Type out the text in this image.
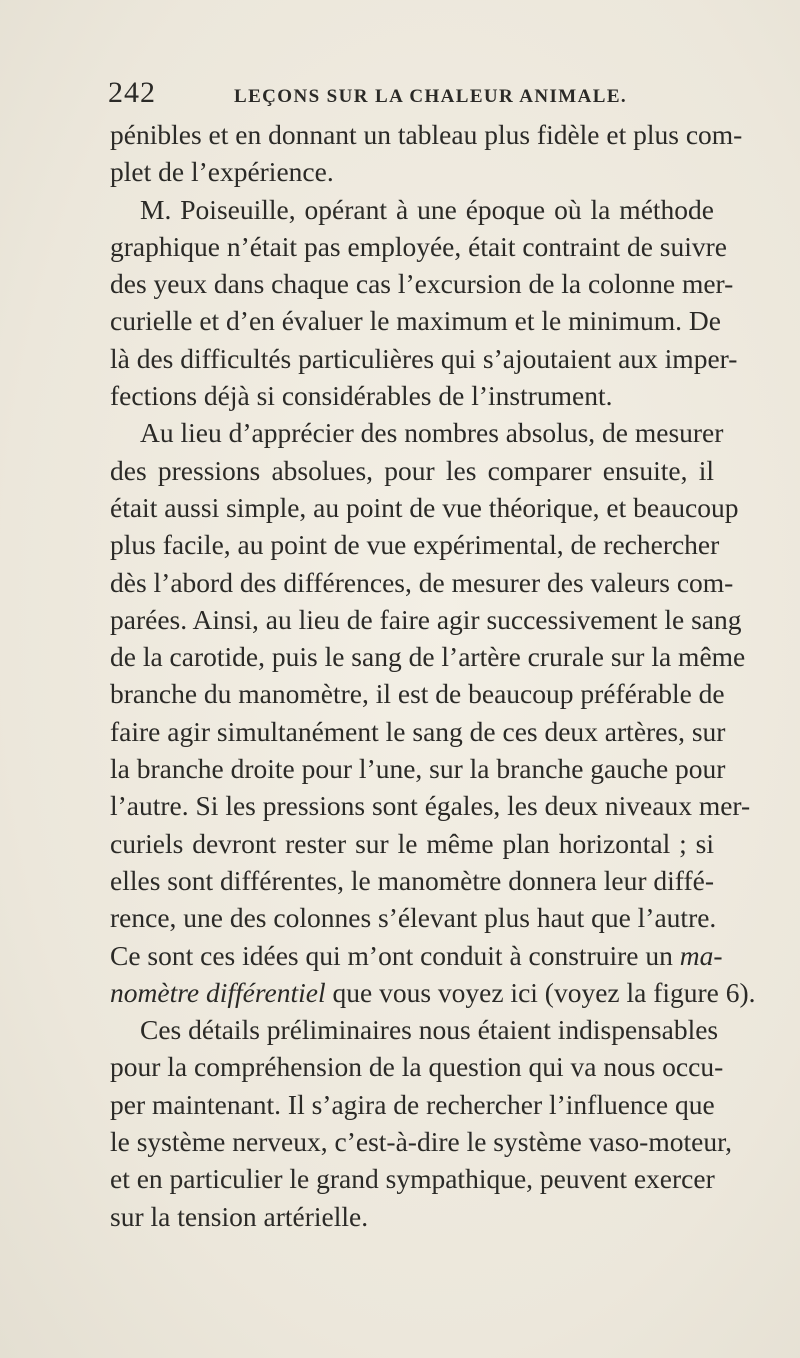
242	LEÇONS SUR LA CHALEUR ANIMALE.
pénibles et en donnant un tableau plus fidèle et plus com-
plet de l’expérience.
M. Poiseuille, opérant à une époque où la méthode
graphique n’était pas employée, était contraint de suivre
des yeux dans chaque cas l’excursion de la colonne mer-
curielle et d’en évaluer le maximum et le minimum. De
là des difficultés particulières qui s’ajoutaient aux imper-
fections déjà si considérables de l’instrument.
Au lieu d’apprécier des nombres absolus, de mesurer
des pressions absolues, pour les comparer ensuite, il
était aussi simple, au point de vue théorique, et beaucoup
plus facile, au point de vue expérimental, de rechercher
dès l’abord des différences, de mesurer des valeurs com-
parées. Ainsi, au lieu de faire agir successivement le sang
de la carotide, puis le sang de l’artère crurale sur la même
branche du manomètre, il est de beaucoup préférable de
faire agir simultanément le sang de ces deux artères, sur
la branche droite pour l’une, sur la branche gauche pour
l’autre. Si les pressions sont égales, les deux niveaux mer-
curiels devront rester sur le même plan horizontal ; si
elles sont différentes, le manomètre donnera leur diffé-
rence, une des colonnes s’élevant plus haut que l’autre.
Ce sont ces idées qui m’ont conduit à construire un ma-
nomètre différentiel que vous voyez ici (voyez la figure 6).
Ces détails préliminaires nous étaient indispensables
pour la compréhension de la question qui va nous occu-
per maintenant. Il s’agira de rechercher l’influence que
le système nerveux, c’est-à-dire le système vaso-moteur,
et en particulier le grand sympathique, peuvent exercer
sur la tension artérielle.
